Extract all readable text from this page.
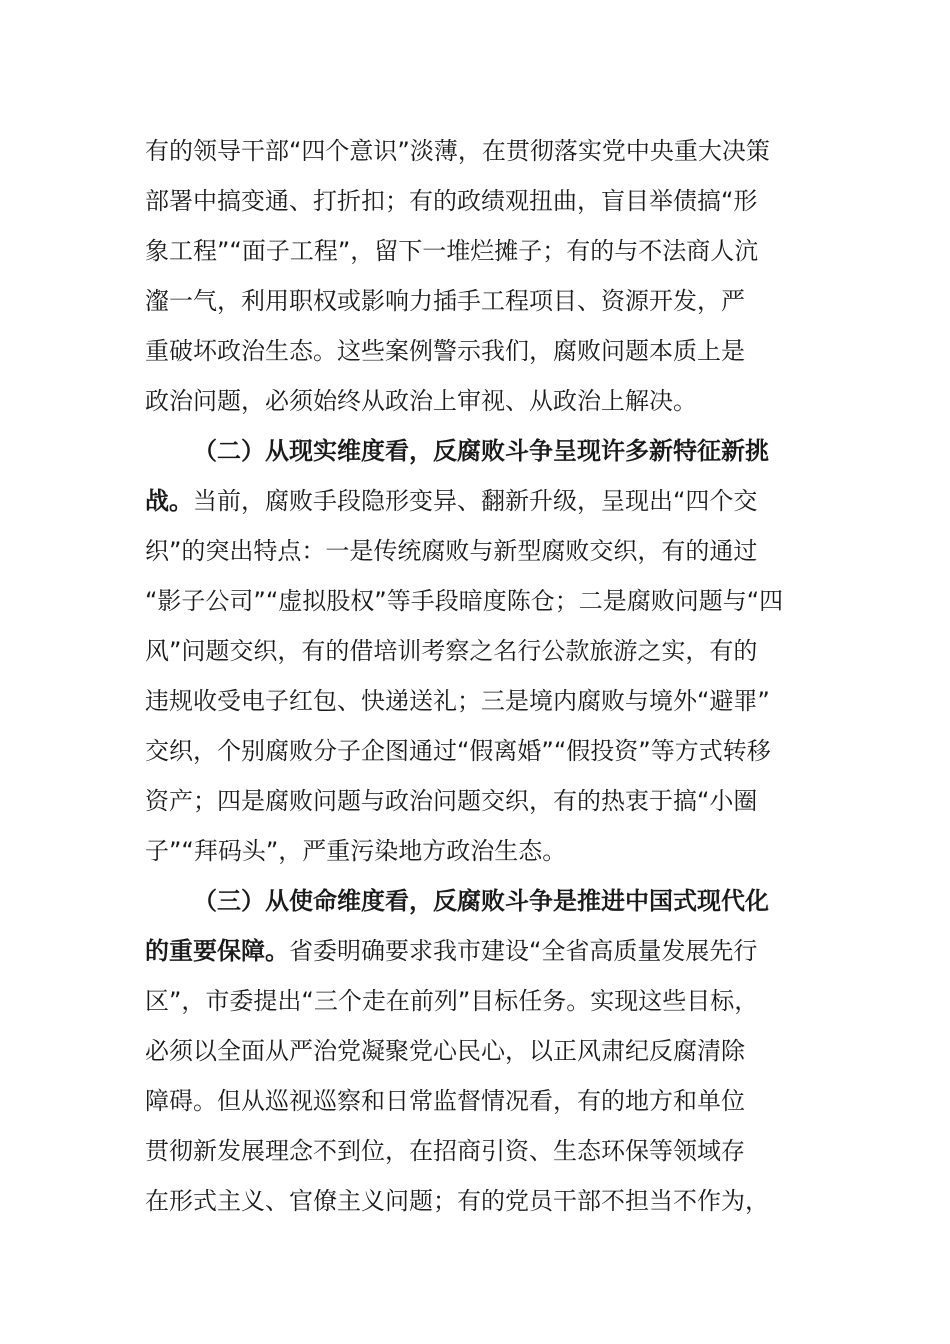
有的领导干部“四个意识”淡薄，在贯彻落实党中央重大决策
部署中搞变通、打折扣；有的政绩观扭曲，盲目举债搞“形
象工程”“面子工程”，留下一堆烂摊子；有的与不法商人沆
瀣一气，利用职权或影响力插手工程项目、资源开发，严
重破坏政治生态。这些案例警示我们，腐败问题本质上是
政治问题，必须始终从政治上审视、从政治上解决。
（二）从现实维度看，反腐败斗争呈现许多新特征新挑
战。当前，腐败手段隐形变异、翻新升级，呈现出“四个交
织”的突出特点：一是传统腐败与新型腐败交织，有的通过
“影子公司”“虚拟股权”等手段暗度陈仓；二是腐败问题与“四
风”问题交织，有的借培训考察之名行公款旅游之实，有的
违规收受电子红包、快递送礼；三是境内腐败与境外“避罪”
交织，个别腐败分子企图通过“假离婚”“假投资”等方式转移
资产；四是腐败问题与政治问题交织，有的热衷于搞“小圈
子”“拜码头”，严重污染地方政治生态。
（三）从使命维度看，反腐败斗争是推进中国式现代化
的重要保障。省委明确要求我市建设“全省高质量发展先行
区”，市委提出“三个走在前列”目标任务。实现这些目标，
必须以全面从严治党凝聚党心民心，以正风肃纪反腐清除
障碍。但从巡视巡察和日常监督情况看，有的地方和单位
贯彻新发展理念不到位，在招商引资、生态环保等领域存
在形式主义、官僚主义问题；有的党员干部不担当不作为，
